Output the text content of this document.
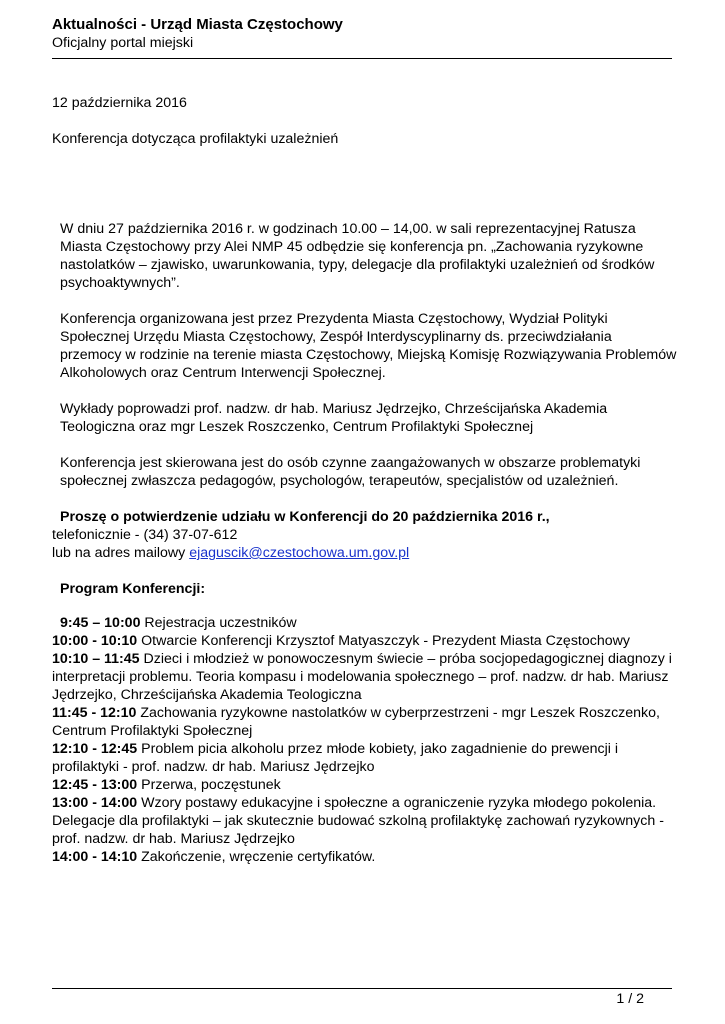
Aktualności - Urząd Miasta Częstochowy
Oficjalny portal miejski

12 października 2016

Konferencja dotycząca profilaktyki uzależnień

W dniu 27 października 2016 r. w godzinach 10.00 – 14,00. w sali reprezentacyjnej Ratusza Miasta Częstochowy przy Alei NMP 45 odbędzie się konferencja pn. „Zachowania ryzykowne nastolatków – zjawisko, uwarunkowania, typy, delegacje dla profilaktyki uzależnień od środków psychoaktywnych”.

Konferencja organizowana jest przez Prezydenta Miasta Częstochowy, Wydział Polityki Społecznej Urzędu Miasta Częstochowy, Zespół Interdyscyplinarny ds. przeciwdziałania przemocy w rodzinie na terenie miasta Częstochowy, Miejską Komisję Rozwiązywania Problemów Alkoholowych oraz Centrum Interwencji Społecznej.

Wykłady poprowadzi prof. nadzw. dr hab. Mariusz Jędrzejko, Chrześcijańska Akademia Teologiczna oraz mgr Leszek Roszczenko, Centrum Profilaktyki Społecznej

Konferencja jest skierowana jest do osób czynne zaangażowanych w obszarze problematyki społecznej zwłaszcza pedagogów, psychologów, terapeutów, specjalistów od uzależnień.

Proszę o potwierdzenie udziału w Konferencji do 20 października 2016 r.,
telefonicznie - (34) 37-07-612
lub na adres mailowy ejaguscik@czestochowa.um.gov.pl
Program Konferencji:
9:45 – 10:00 Rejestracja uczestników
10:00 - 10:10 Otwarcie Konferencji Krzysztof Matyaszczyk - Prezydent Miasta Częstochowy
10:10 – 11:45 Dzieci i młodzież w ponowoczesnym świecie – próba socjopedagogicznej diagnozy i interpretacji problemu. Teoria kompasu i modelowania społecznego – prof. nadzw. dr hab. Mariusz Jędrzejko, Chrześcijańska Akademia Teologiczna
11:45 - 12:10 Zachowania ryzykowne nastolatków w cyberprzestrzeni - mgr Leszek Roszczenko, Centrum Profilaktyki Społecznej
12:10 - 12:45 Problem picia alkoholu przez młode kobiety, jako zagadnienie do prewencji i profilaktyki - prof. nadzw. dr hab. Mariusz Jędrzejko
12:45 - 13:00 Przerwa, poczęstunek
13:00 - 14:00 Wzory postawy edukacyjne i społeczne a ograniczenie ryzyka młodego pokolenia. Delegacje dla profilaktyki – jak skutecznie budować szkolną profilaktykę zachowań ryzykownych - prof. nadzw. dr hab. Mariusz Jędrzejko
14:00 - 14:10 Zakończenie, wręczenie certyfikatów.
1 / 2
